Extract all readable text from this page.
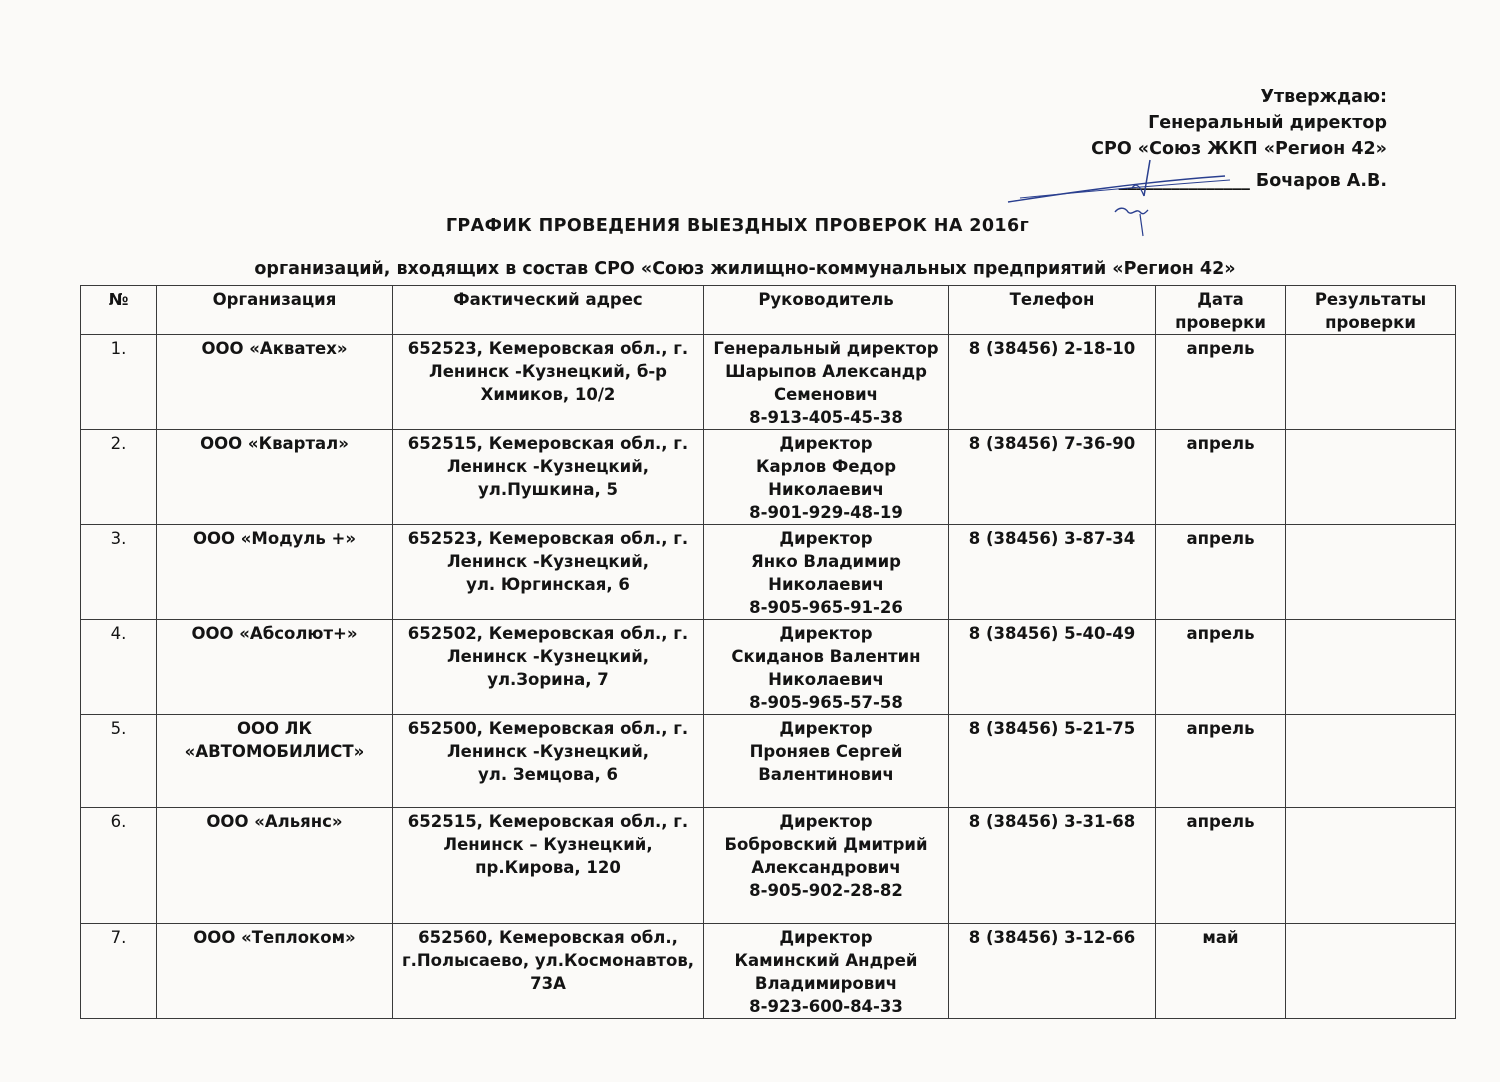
Утверждаю:
Генеральный директор
СРО «Союз ЖКП «Регион 42»
_______________ Бочаров А.В.
ГРАФИК ПРОВЕДЕНИЯ ВЫЕЗДНЫХ ПРОВЕРОК НА 2016г
организаций, входящих в состав СРО «Союз жилищно-коммунальных предприятий «Регион 42»
№	Организация	Фактический адрес	Руководитель	Телефон	Дата
проверки	Результаты
проверки

1.	ООО «Акватех»	652523, Кемеровская обл., г.
Ленинск -Кузнецкий, б-р
Химиков, 10/2	Генеральный директор
Шарыпов Александр
Семенович
8-913-405-45-38	8 (38456) 2-18-10	апрель	
2.	ООО «Квартал»	652515, Кемеровская обл., г.
Ленинск -Кузнецкий,
ул.Пушкина, 5	Директор
Карлов Федор
Николаевич
8-901-929-48-19	8 (38456) 7-36-90	апрель	
3.	ООО «Модуль +»	652523, Кемеровская обл., г.
Ленинск -Кузнецкий,
ул. Юргинская, 6	Директор
Янко Владимир
Николаевич
8-905-965-91-26	8 (38456) 3-87-34	апрель	
4.	ООО «Абсолют+»	652502, Кемеровская обл., г.
Ленинск -Кузнецкий,
ул.Зорина, 7	Директор
Скиданов Валентин
Николаевич
8-905-965-57-58	8 (38456) 5-40-49	апрель	
5.	ООО ЛК
«АВТОМОБИЛИСТ»	652500, Кемеровская обл., г.
Ленинск -Кузнецкий,
ул. Земцова, 6	Директор
Проняев Сергей
Валентинович	8 (38456) 5-21-75	апрель	
6.	ООО «Альянс»	652515, Кемеровская обл., г.
Ленинск – Кузнецкий,
пр.Кирова, 120	Директор
Бобровский Дмитрий
Александрович
8-905-902-28-82	8 (38456) 3-31-68	апрель	
7.	ООО «Теплоком»	652560, Кемеровская обл.,
г.Полысаево, ул.Космонавтов,
73А	Директор
Каминский Андрей
Владимирович
8-923-600-84-33	8 (38456) 3-12-66	май	
